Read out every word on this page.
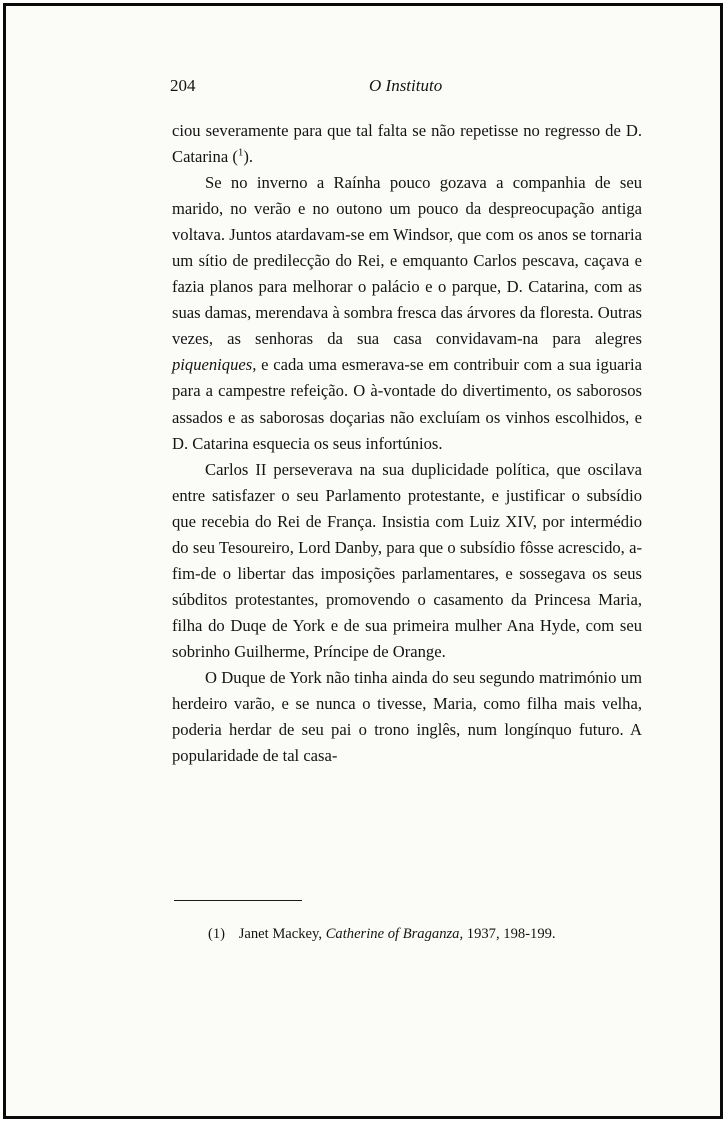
204	O Instituto

ciou severamente para que tal falta se não repetisse no regresso de D. Catarina ($^1$).

Se no inverno a Raínha pouco gozava a companhia de seu marido, no verão e no outono um pouco da despreocupação antiga voltava. Juntos atardavam-se em Windsor, que com os anos se tornaria um sítio de predilecção do Rei, e emquanto Carlos pescava, caçava e fazia planos para melhorar o palácio e o parque, D. Catarina, com as suas damas, merendava à sombra fresca das árvores da floresta. Outras vezes, as senhoras da sua casa convidavam-na para alegres piqueniques, e cada uma esmerava-se em contribuir com a sua iguaria para a campestre refeição. O à-vontade do divertimento, os saborosos assados e as saborosas doçarias não excluíam os vinhos escolhidos, e D. Catarina esquecia os seus infortúnios.

Carlos II perseverava na sua duplicidade política, que oscilava entre satisfazer o seu Parlamento protestante, e justificar o subsídio que recebia do Rei de França. Insistia com Luiz XIV, por intermédio do seu Tesoureiro, Lord Danby, para que o subsídio fôsse acrescido, a-fim-de o libertar das imposições parlamentares, e sossegava os seus súbditos protestantes, promovendo o casamento da Princesa Maria, filha do Duqe de York e de sua primeira mulher Ana Hyde, com seu sobrinho Guilherme, Príncipe de Orange.

O Duque de York não tinha ainda do seu segundo matrimónio um herdeiro varão, e se nunca o tivesse, Maria, como filha mais velha, poderia herdar de seu pai o trono inglês, num longínquo futuro. A popularidade de tal casa-

(1) Janet Mackey, Catherine of Braganza, 1937, 198-199.
